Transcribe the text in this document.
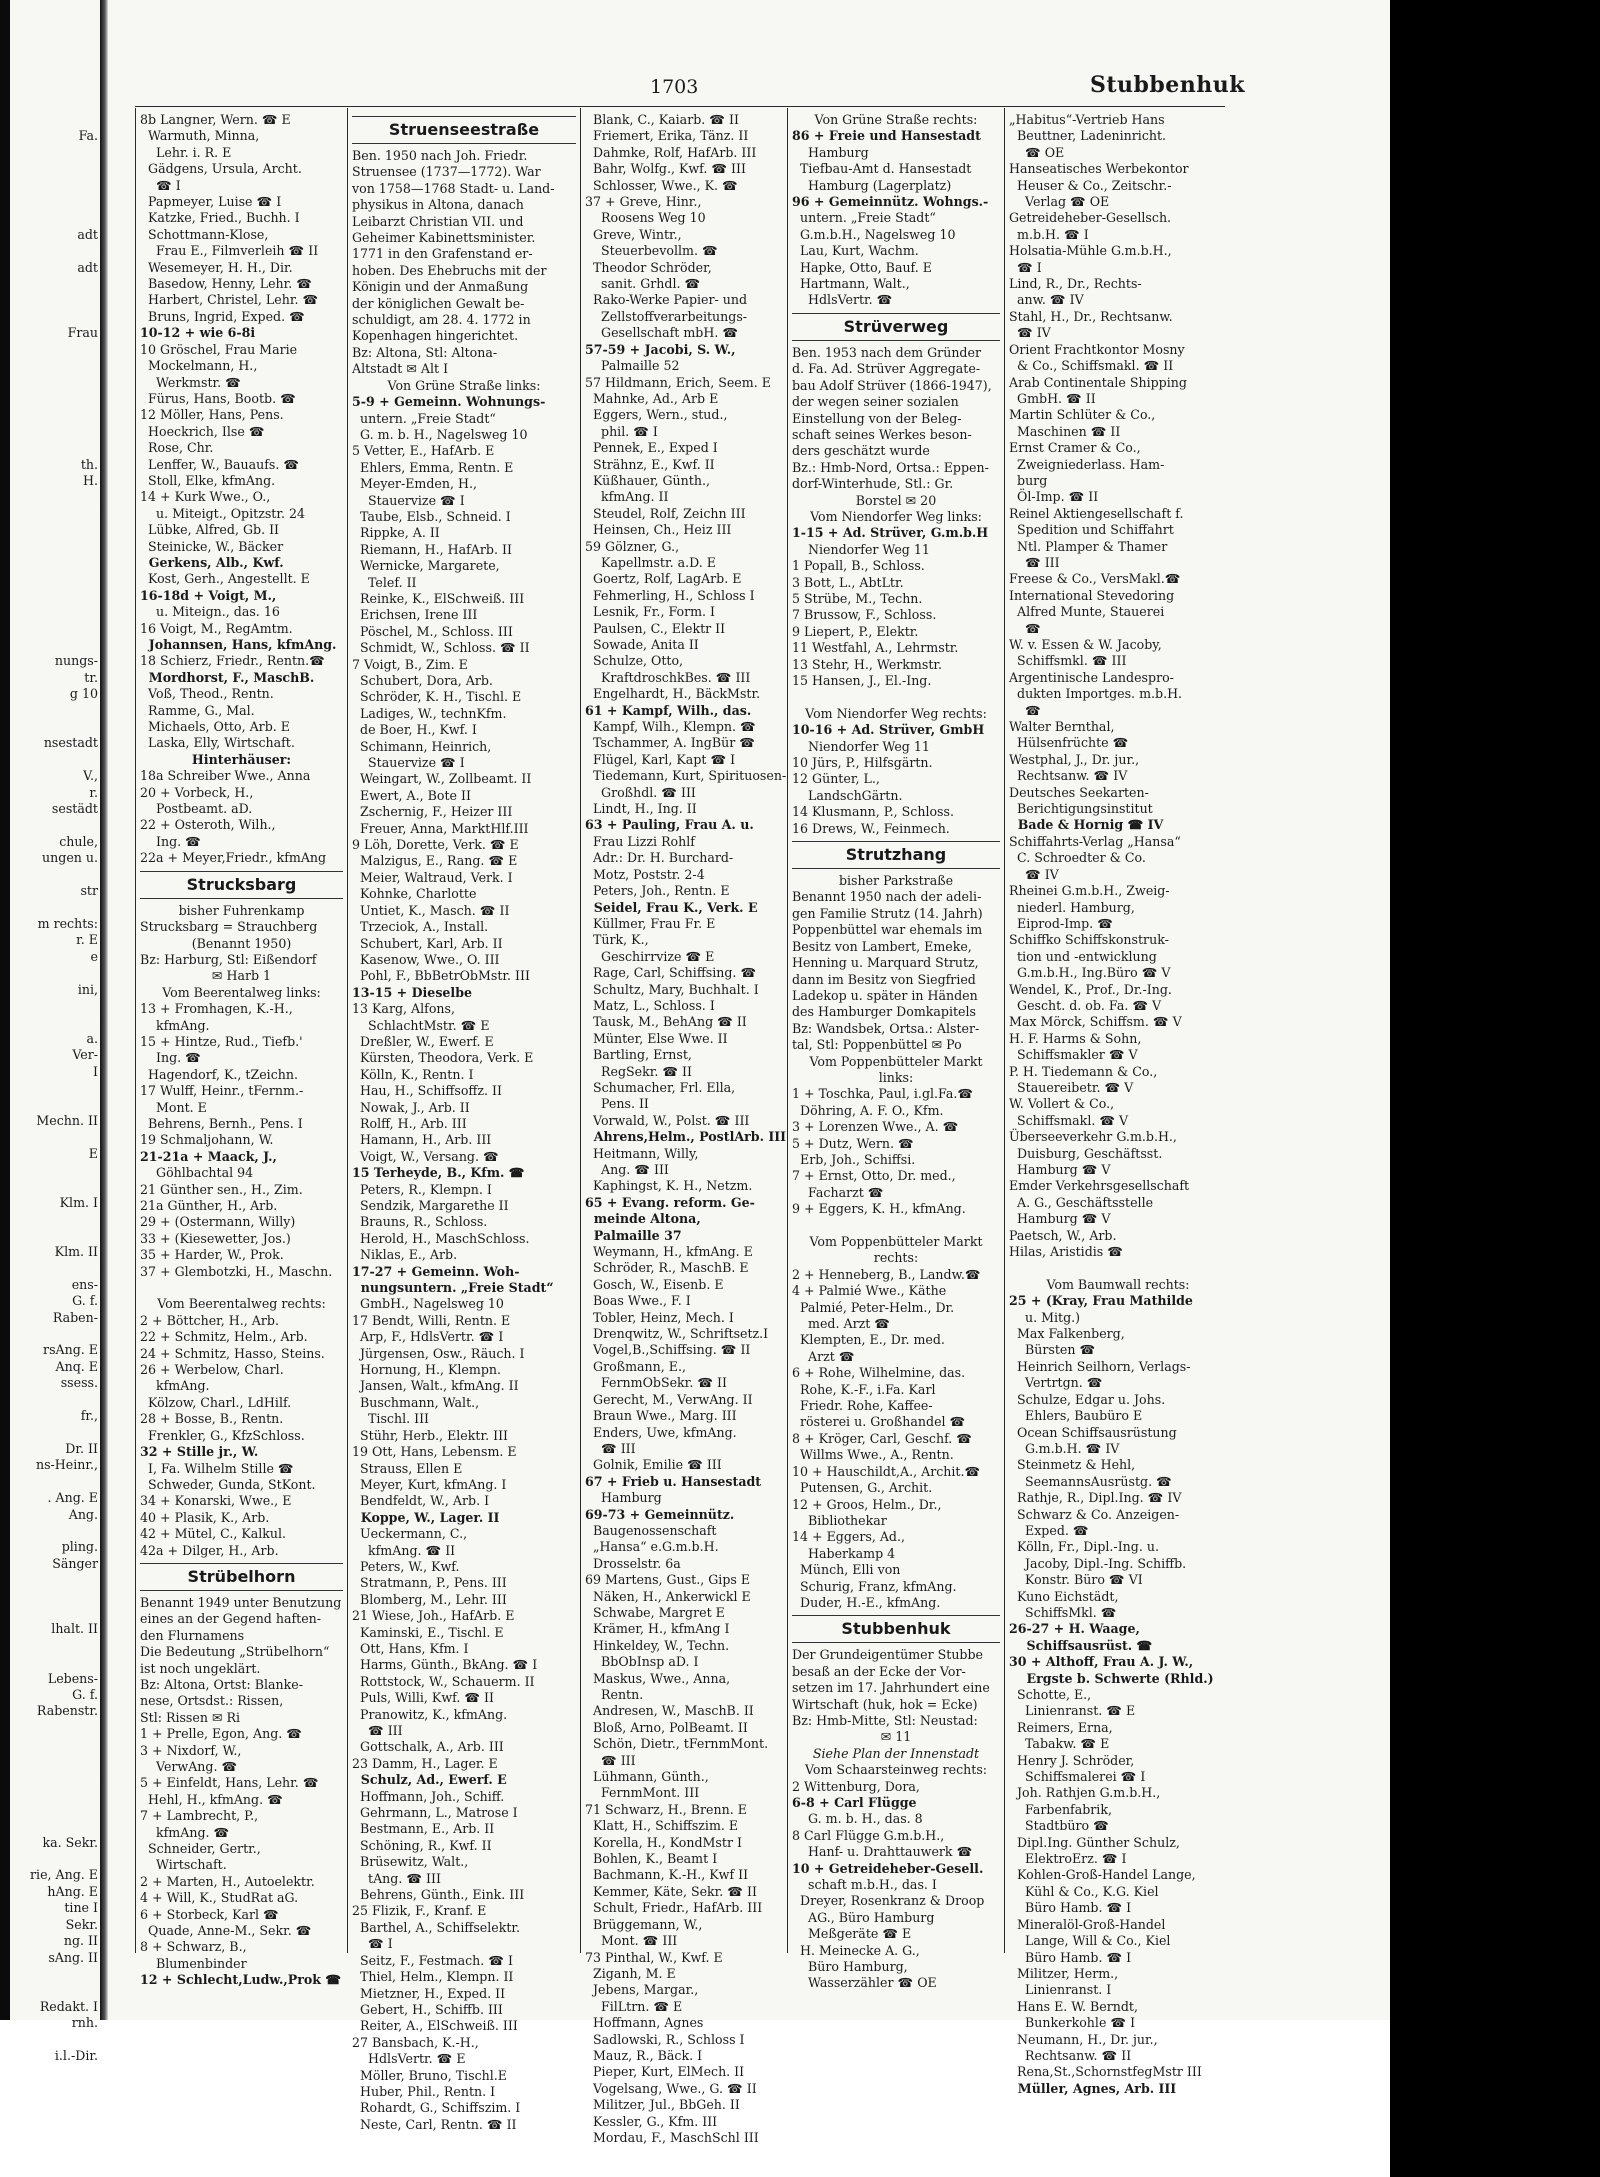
1703	Stubbenhuk

Fa.

adt

adt

Frau

th.
H.

nungs-
tr.
g 10

nsestadt

V.,
r.
sestädt

chule,
ungen u.

str

m rechts:
r. E
e

ini,

a.
Ver-
I

Mechn. II

E

Klm. I

Klm. II

ens-
G. f.
Raben-

rsAng. E
Anq. E
ssess.

fr.,

Dr. II
ns-Heinr.,

. Ang. E
Ang.

pling.
Sänger

lhalt. II

Lebens-
G. f.
Rabenstr.

ka. Sekr.

rie, Ang. E
hAng. E
tine I
Sekr.
ng. II
sAng. II

Redakt. I
rnh.

i.l.-Dir.
8b Langner, Wern. ☎ E
Warmuth, Minna,
Lehr. i. R. E
Gädgens, Ursula, Archt.
☎ I
Papmeyer, Luise ☎ I
Katzke, Fried., Buchh. I
Schottmann-Klose,
Frau E., Filmverleih ☎ II
Wesemeyer, H. H., Dir.
Basedow, Henny, Lehr. ☎
Harbert, Christel, Lehr. ☎
Bruns, Ingrid, Exped. ☎
10-12 + wie 6-8i
10 Gröschel, Frau Marie
Mockelmann, H.,
Werkmstr. ☎
Fürus, Hans, Bootb. ☎
12 Möller, Hans, Pens.
Hoeckrich, Ilse ☎
Rose, Chr.
Lenffer, W., Bauaufs. ☎
Stoll, Elke, kfmAng.
14 + Kurk Wwe., O.,
u. Miteigt., Opitzstr. 24
Lübke, Alfred, Gb. II
Steinicke, W., Bäcker
Gerkens, Alb., Kwf.
Kost, Gerh., Angestellt. E
16-18d + Voigt, M.,
u. Miteign., das. 16
16 Voigt, M., RegAmtm.
Johannsen, Hans, kfmAng.
18 Schierz, Friedr., Rentn.☎
Mordhorst, F., MaschB.
Voß, Theod., Rentn.
Ramme, G., Mal.
Michaels, Otto, Arb. E
Laska, Elly, Wirtschaft.
Hinterhäuser:
18a Schreiber Wwe., Anna
20 + Vorbeck, H.,
Postbeamt. aD.
22 + Osteroth, Wilh.,
Ing. ☎
22a + Meyer,Friedr., kfmAng
Strucksbarg
bisher Fuhrenkamp
Strucksbarg = Strauchberg
(Benannt 1950)
Bz: Harburg, Stl: Eißendorf
✉ Harb 1
Vom Beerentalweg links:
13 + Fromhagen, K.-H.,
kfmAng.
15 + Hintze, Rud., Tiefb.'
Ing. ☎
Hagendorf, K., tZeichn.
17 Wulff, Heinr., tFernm.-
Mont. E
Behrens, Bernh., Pens. I
19 Schmaljohann, W.
21-21a + Maack, J.,
Göhlbachtal 94
21 Günther sen., H., Zim.
21a Günther, H., Arb.
29 + (Ostermann, Willy)
33 + (Kiesewetter, Jos.)
35 + Harder, W., Prok.
37 + Glembotzki, H., Maschn.

Vom Beerentalweg rechts:
2 + Böttcher, H., Arb.
22 + Schmitz, Helm., Arb.
24 + Schmitz, Hasso, Steins.
26 + Werbelow, Charl.
kfmAng.
Kölzow, Charl., LdHilf.
28 + Bosse, B., Rentn.
Frenkler, G., KfzSchloss.
32 + Stille jr., W.
I, Fa. Wilhelm Stille ☎
Schweder, Gunda, StKont.
34 + Konarski, Wwe., E
40 + Plasik, K., Arb.
42 + Mütel, C., Kalkul.
42a + Dilger, H., Arb.
Strübelhorn
Benannt 1949 unter Benutzung
eines an der Gegend haften-
den Flurnamens
Die Bedeutung „Strübelhorn“
ist noch ungeklärt.
Bz: Altona, Ortst: Blanke-
nese, Ortsdst.: Rissen,
Stl: Rissen ✉ Ri
1 + Prelle, Egon, Ang. ☎
3 + Nixdorf, W.,
VerwAng. ☎
5 + Einfeldt, Hans, Lehr. ☎
Hehl, H., kfmAng. ☎
7 + Lambrecht, P.,
kfmAng. ☎
Schneider, Gertr.,
Wirtschaft.
2 + Marten, H., Autoelektr.
4 + Will, K., StudRat aG.
6 + Storbeck, Karl ☎
Quade, Anne-M., Sekr. ☎
8 + Schwarz, B.,
Blumenbinder
12 + Schlecht,Ludw.,Prok ☎
Struenseestraße
Ben. 1950 nach Joh. Friedr.
Struensee (1737—1772). War
von 1758—1768 Stadt- u. Land-
physikus in Altona, danach
Leibarzt Christian VII. und
Geheimer Kabinettsminister.
1771 in den Grafenstand er-
hoben. Des Ehebruchs mit der
Königin und der Anmaßung
der königlichen Gewalt be-
schuldigt, am 28. 4. 1772 in
Kopenhagen hingerichtet.
Bz: Altona, Stl: Altona-
Altstadt ✉ Alt I
Von Grüne Straße links:
5-9 + Gemeinn. Wohnungs-
untern. „Freie Stadt“
G. m. b. H., Nagelsweg 10
5 Vetter, E., HafArb. E
Ehlers, Emma, Rentn. E
Meyer-Emden, H.,
Stauervize ☎ I
Taube, Elsb., Schneid. I
Rippke, A. II
Riemann, H., HafArb. II
Wernicke, Margarete,
Telef. II
Reinke, K., ElSchweiß. III
Erichsen, Irene III
Pöschel, M., Schloss. III
Schmidt, W., Schloss. ☎ II
7 Voigt, B., Zim. E
Schubert, Dora, Arb.
Schröder, K. H., Tischl. E
Ladiges, W., technKfm.
de Boer, H., Kwf. I
Schimann, Heinrich,
Stauervize ☎ I
Weingart, W., Zollbeamt. II
Ewert, A., Bote II
Zschernig, F., Heizer III
Freuer, Anna, MarktHlf.III
9 Löh, Dorette, Verk. ☎ E
Malzigus, E., Rang. ☎ E
Meier, Waltraud, Verk. I
Kohnke, Charlotte
Untiet, K., Masch. ☎ II
Trzeciok, A., Install.
Schubert, Karl, Arb. II
Kasenow, Wwe., O. III
Pohl, F., BbBetrObMstr. III
13-15 + Dieselbe
13 Karg, Alfons,
SchlachtMstr. ☎ E
Dreßler, W., Ewerf. E
Kürsten, Theodora, Verk. E
Kölln, K., Rentn. I
Hau, H., Schiffsoffz. II
Nowak, J., Arb. II
Rolff, H., Arb. III
Hamann, H., Arb. III
Voigt, W., Versang. ☎
15 Terheyde, B., Kfm. ☎
Peters, R., Klempn. I
Sendzik, Margarethe II
Brauns, R., Schloss.
Herold, H., MaschSchloss.
Niklas, E., Arb.
17-27 + Gemeinn. Woh-
nungsuntern. „Freie Stadt“
GmbH., Nagelsweg 10
17 Bendt, Willi, Rentn. E
Arp, F., HdlsVertr. ☎ I
Jürgensen, Osw., Räuch. I
Hornung, H., Klempn.
Jansen, Walt., kfmAng. II
Buschmann, Walt.,
Tischl. III
Stühr, Herb., Elektr. III
19 Ott, Hans, Lebensm. E
Strauss, Ellen E
Meyer, Kurt, kfmAng. I
Bendfeldt, W., Arb. I
Koppe, W., Lager. II
Ueckermann, C.,
kfmAng. ☎ II
Peters, W., Kwf.
Stratmann, P., Pens. III
Blomberg, M., Lehr. III
21 Wiese, Joh., HafArb. E
Kaminski, E., Tischl. E
Ott, Hans, Kfm. I
Harms, Günth., BkAng. ☎ I
Rottstock, W., Schauerm. II
Puls, Willi, Kwf. ☎ II
Pranowitz, K., kfmAng.
☎ III
Gottschalk, A., Arb. III
23 Damm, H., Lager. E
Schulz, Ad., Ewerf. E
Hoffmann, Joh., Schiff.
Gehrmann, L., Matrose I
Bestmann, E., Arb. II
Schöning, R., Kwf. II
Brüsewitz, Walt.,
tAng. ☎ III
Behrens, Günth., Eink. III
25 Flizik, F., Kranf. E
Barthel, A., Schiffselektr.
☎ I
Seitz, F., Festmach. ☎ I
Thiel, Helm., Klempn. II
Mietzner, H., Exped. II
Gebert, H., Schiffb. III
Reiter, A., ElSchweiß. III
27 Bansbach, K.-H.,
HdlsVertr. ☎ E
Möller, Bruno, Tischl.E
Huber, Phil., Rentn. I
Rohardt, G., Schiffszim. I
Neste, Carl, Rentn. ☎ II
Blank, C., Kaiarb. ☎ II
Friemert, Erika, Tänz. II
Dahmke, Rolf, HafArb. III
Bahr, Wolfg., Kwf. ☎ III
Schlosser, Wwe., K. ☎
37 + Greve, Hinr.,
Roosens Weg 10
Greve, Wintr.,
Steuerbevollm. ☎
Theodor Schröder,
sanit. Grhdl. ☎
Rako-Werke Papier- und
Zellstoffverarbeitungs-
Gesellschaft mbH. ☎
57-59 + Jacobi, S. W.,
Palmaille 52
57 Hildmann, Erich, Seem. E
Mahnke, Ad., Arb E
Eggers, Wern., stud.,
phil. ☎ I
Pennek, E., Exped I
Strähnz, E., Kwf. II
Küßhauer, Günth.,
kfmAng. II
Steudel, Rolf, Zeichn III
Heinsen, Ch., Heiz III
59 Gölzner, G.,
Kapellmstr. a.D. E
Goertz, Rolf, LagArb. E
Fehmerling, H., Schloss I
Lesnik, Fr., Form. I
Paulsen, C., Elektr II
Sowade, Anita II
Schulze, Otto,
KraftdroschkBes. ☎ III
Engelhardt, H., BäckMstr.
61 + Kampf, Wilh., das.
Kampf, Wilh., Klempn. ☎
Tschammer, A. IngBür ☎
Flügel, Karl, Kapt ☎ I
Tiedemann, Kurt, Spirituosen-
Großhdl. ☎ III
Lindt, H., Ing. II
63 + Pauling, Frau A. u.
Frau Lizzi Rohlf
Adr.: Dr. H. Burchard-
Motz, Poststr. 2-4
Peters, Joh., Rentn. E
Seidel, Frau K., Verk. E
Küllmer, Frau Fr. E
Türk, K.,
Geschirrvize ☎ E
Rage, Carl, Schiffsing. ☎
Schultz, Mary, Buchhalt. I
Matz, L., Schloss. I
Tausk, M., BehAng ☎ II
Münter, Else Wwe. II
Bartling, Ernst,
RegSekr. ☎ II
Schumacher, Frl. Ella,
Pens. II
Vorwald, W., Polst. ☎ III
Ahrens,Helm., PostlArb. III
Heitmann, Willy,
Ang. ☎ III
Kaphingst, K. H., Netzm.
65 + Evang. reform. Ge-
meinde Altona,
Palmaille 37
Weymann, H., kfmAng. E
Schröder, R., MaschB. E
Gosch, W., Eisenb. E
Boas Wwe., F. I
Tobler, Heinz, Mech. I
Drenqwitz, W., Schriftsetz.I
Vogel,B.,Schiffsing. ☎ II
Großmann, E.,
FernmObSekr. ☎ II
Gerecht, M., VerwAng. II
Braun Wwe., Marg. III
Enders, Uwe, kfmAng.
☎ III
Golnik, Emilie ☎ III
67 + Frieb u. Hansestadt
Hamburg
69-73 + Gemeinnütz.
Baugenossenschaft
„Hansa“ e.G.m.b.H.
Drosselstr. 6a
69 Martens, Gust., Gips E
Näken, H., Ankerwickl E
Schwabe, Margret E
Krämer, H., kfmAng I
Hinkeldey, W., Techn.
BbObInsp aD. I
Maskus, Wwe., Anna,
Rentn.
Andresen, W., MaschB. II
Bloß, Arno, PolBeamt. II
Schön, Dietr., tFernmMont.
☎ III
Lühmann, Günth.,
FernmMont. III
71 Schwarz, H., Brenn. E
Klatt, H., Schiffszim. E
Korella, H., KondMstr I
Bohlen, K., Beamt I
Bachmann, K.-H., Kwf II
Kemmer, Käte, Sekr. ☎ II
Schult, Friedr., HafArb. III
Brüggemann, W.,
Mont. ☎ III
73 Pinthal, W., Kwf. E
Ziganh, M. E
Jebens, Margar.,
FilLtrn. ☎ E
Hoffmann, Agnes
Sadlowski, R., Schloss I
Mauz, R., Bäck. I
Pieper, Kurt, ElMech. II
Vogelsang, Wwe., G. ☎ II
Militzer, Jul., BbGeh. II
Kessler, G., Kfm. III
Mordau, F., MaschSchl III
Von Grüne Straße rechts:
86 + Freie und Hansestadt
Hamburg
Tiefbau-Amt d. Hansestadt
Hamburg (Lagerplatz)
96 + Gemeinnütz. Wohngs.-
untern. „Freie Stadt“
G.m.b.H., Nagelsweg 10
Lau, Kurt, Wachm.
Hapke, Otto, Bauf. E
Hartmann, Walt.,
HdlsVertr. ☎
Strüverweg
Ben. 1953 nach dem Gründer
d. Fa. Ad. Strüver Aggregate-
bau Adolf Strüver (1866-1947),
der wegen seiner sozialen
Einstellung von der Beleg-
schaft seines Werkes beson-
ders geschätzt wurde
Bz.: Hmb-Nord, Ortsa.: Eppen-
dorf-Winterhude, Stl.: Gr.
Borstel ✉ 20
Vom Niendorfer Weg links:
1-15 + Ad. Strüver, G.m.b.H
Niendorfer Weg 11
1 Popall, B., Schloss.
3 Bott, L., AbtLtr.
5 Strübe, M., Techn.
7 Brussow, F., Schloss.
9 Liepert, P., Elektr.
11 Westfahl, A., Lehrmstr.
13 Stehr, H., Werkmstr.
15 Hansen, J., El.-Ing.

Vom Niendorfer Weg rechts:
10-16 + Ad. Strüver, GmbH
Niendorfer Weg 11
10 Jürs, P., Hilfsgärtn.
12 Günter, L.,
LandschGärtn.
14 Klusmann, P., Schloss.
16 Drews, W., Feinmech.
Strutzhang
bisher Parkstraße
Benannt 1950 nach der adeli-
gen Familie Strutz (14. Jahrh)
Poppenbüttel war ehemals im
Besitz von Lambert, Emeke,
Henning u. Marquard Strutz,
dann im Besitz von Siegfried
Ladekop u. später in Händen
des Hamburger Domkapitels
Bz: Wandsbek, Ortsa.: Alster-
tal, Stl: Poppenbüttel ✉ Po
Vom Poppenbütteler Markt
links:
1 + Toschka, Paul, i.gl.Fa.☎
Döhring, A. F. O., Kfm.
3 + Lorenzen Wwe., A. ☎
5 + Dutz, Wern. ☎
Erb, Joh., Schiffsi.
7 + Ernst, Otto, Dr. med.,
Facharzt ☎
9 + Eggers, K. H., kfmAng.

Vom Poppenbütteler Markt
rechts:
2 + Henneberg, B., Landw.☎
4 + Palmié Wwe., Käthe
Palmié, Peter-Helm., Dr.
med. Arzt ☎
Klempten, E., Dr. med.
Arzt ☎
6 + Rohe, Wilhelmine, das.
Rohe, K.-F., i.Fa. Karl
Friedr. Rohe, Kaffee-
rösterei u. Großhandel ☎
8 + Kröger, Carl, Geschf. ☎
Willms Wwe., A., Rentn.
10 + Hauschildt,A., Archit.☎
Putensen, G., Archit.
12 + Groos, Helm., Dr.,
Bibliothekar
14 + Eggers, Ad.,
Haberkamp 4
Münch, Elli von
Schurig, Franz, kfmAng.
Duder, H.-E., kfmAng.
Stubbenhuk
Der Grundeigentümer Stubbe
besaß an der Ecke der Vor-
setzen im 17. Jahrhundert eine
Wirtschaft (huk, hok = Ecke)
Bz: Hmb-Mitte, Stl: Neustad:
✉ 11
Siehe Plan der Innenstadt
Vom Schaarsteinweg rechts:
2 Wittenburg, Dora,
6-8 + Carl Flügge
G. m. b. H., das. 8
8 Carl Flügge G.m.b.H.,
Hanf- u. Drahttauwerk ☎
10 + Getreideheber-Gesell.
schaft m.b.H., das. I
Dreyer, Rosenkranz & Droop
AG., Büro Hamburg
Meßgeräte ☎ E
H. Meinecke A. G.,
Büro Hamburg,
Wasserzähler ☎ OE
„Habitus“-Vertrieb Hans
Beuttner, Ladeninricht.
☎ OE
Hanseatisches Werbekontor
Heuser & Co., Zeitschr.-
Verlag ☎ OE
Getreideheber-Gesellsch.
m.b.H. ☎ I
Holsatia-Mühle G.m.b.H.,
☎ I
Lind, R., Dr., Rechts-
anw. ☎ IV
Stahl, H., Dr., Rechtsanw.
☎ IV
Orient Frachtkontor Mosny
& Co., Schiffsmakl. ☎ II
Arab Continentale Shipping
GmbH. ☎ II
Martin Schlüter & Co.,
Maschinen ☎ II
Ernst Cramer & Co.,
Zweigniederlass. Ham-
burg
Öl-Imp. ☎ II
Reinel Aktiengesellschaft f.
Spedition und Schiffahrt
Ntl. Plamper & Thamer
☎ III
Freese & Co., VersMakl.☎
International Stevedoring
Alfred Munte, Stauerei
☎
W. v. Essen & W. Jacoby,
Schiffsmkl. ☎ III
Argentinische Landespro-
dukten Importges. m.b.H.
☎
Walter Bernthal,
Hülsenfrüchte ☎
Westphal, J., Dr. jur.,
Rechtsanw. ☎ IV
Deutsches Seekarten-
Berichtigungsinstitut
Bade & Hornig ☎ IV
Schiffahrts-Verlag „Hansa“
C. Schroedter & Co.
☎ IV
Rheinei G.m.b.H., Zweig-
niederl. Hamburg,
Eiprod-Imp. ☎
Schiffko Schiffskonstruk-
tion und -entwicklung
G.m.b.H., Ing.Büro ☎ V
Wendel, K., Prof., Dr.-Ing.
Gescht. d. ob. Fa. ☎ V
Max Mörck, Schiffsm. ☎ V
H. F. Harms & Sohn,
Schiffsmakler ☎ V
P. H. Tiedemann & Co.,
Stauereibetr. ☎ V
W. Vollert & Co.,
Schiffsmakl. ☎ V
Überseeverkehr G.m.b.H.,
Duisburg, Geschäftsst.
Hamburg ☎ V
Emder Verkehrsgesellschaft
A. G., Geschäftsstelle
Hamburg ☎ V
Paetsch, W., Arb.
Hilas, Aristidis ☎

Vom Baumwall rechts:
25 + (Kray, Frau Mathilde
u. Mitg.)
Max Falkenberg,
Bürsten ☎
Heinrich Seilhorn, Verlags-
Vertrtgn. ☎
Schulze, Edgar u. Johs.
Ehlers, Baubüro E
Ocean Schiffsausrüstung
G.m.b.H. ☎ IV
Steinmetz & Hehl,
SeemannsAusrüstg. ☎
Rathje, R., Dipl.Ing. ☎ IV
Schwarz & Co. Anzeigen-
Exped. ☎
Kölln, Fr., Dipl.-Ing. u.
Jacoby, Dipl.-Ing. Schiffb.
Konstr. Büro ☎ VI
Kuno Eichstädt,
SchiffsMkl. ☎
26-27 + H. Waage,
Schiffsausrüst. ☎
30 + Althoff, Frau A. J. W.,
Ergste b. Schwerte (Rhld.)
Schotte, E.,
Linienranst. ☎ E
Reimers, Erna,
Tabakw. ☎ E
Henry J. Schröder,
Schiffsmalerei ☎ I
Joh. Rathjen G.m.b.H.,
Farbenfabrik,
Stadtbüro ☎
Dipl.Ing. Günther Schulz,
ElektroErz. ☎ I
Kohlen-Groß-Handel Lange,
Kühl & Co., K.G. Kiel
Büro Hamb. ☎ I
Mineralöl-Groß-Handel
Lange, Will & Co., Kiel
Büro Hamb. ☎ I
Militzer, Herm.,
Linienranst. I
Hans E. W. Berndt,
Bunkerkohle ☎ I
Neumann, H., Dr. jur.,
Rechtsanw. ☎ II
Rena,St.,SchornstfegMstr III
Müller, Agnes, Arb. III
